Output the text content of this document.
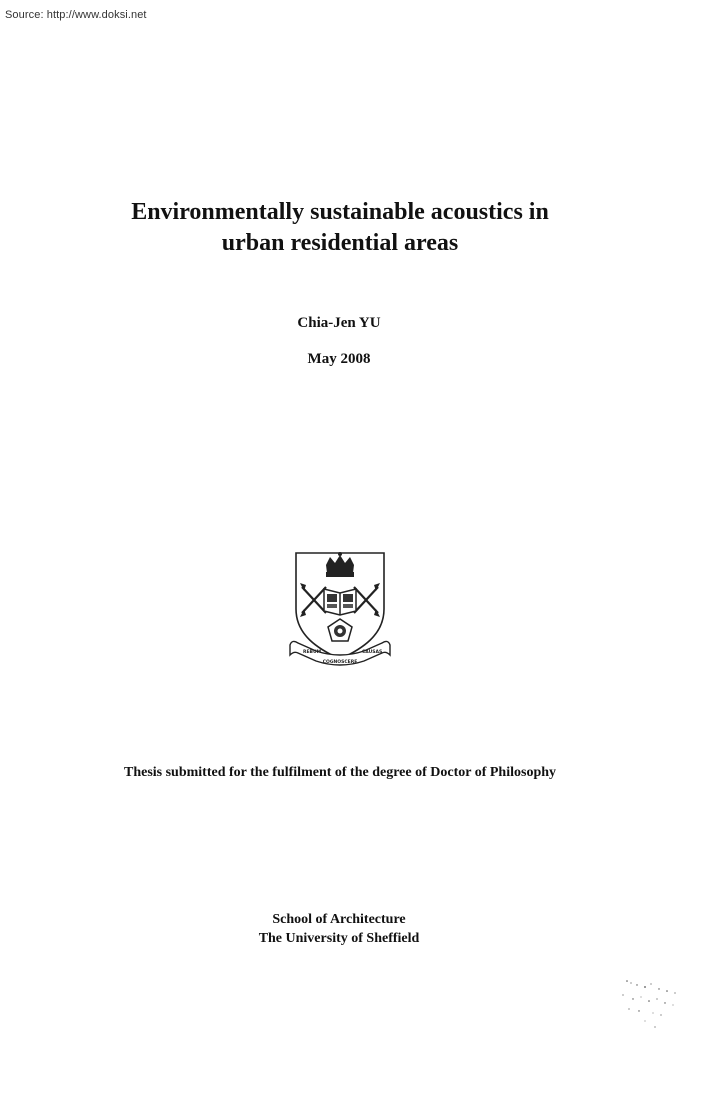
Source: http://www.doksi.net
Environmentally sustainable acoustics in
urban residential areas
Chia-Jen YU
May 2008
REBUM
COGNOSCERE
CAUSAS
Thesis submitted for the fulfilment of the degree of Doctor of Philosophy
School of Architecture
The University of Sheffield
